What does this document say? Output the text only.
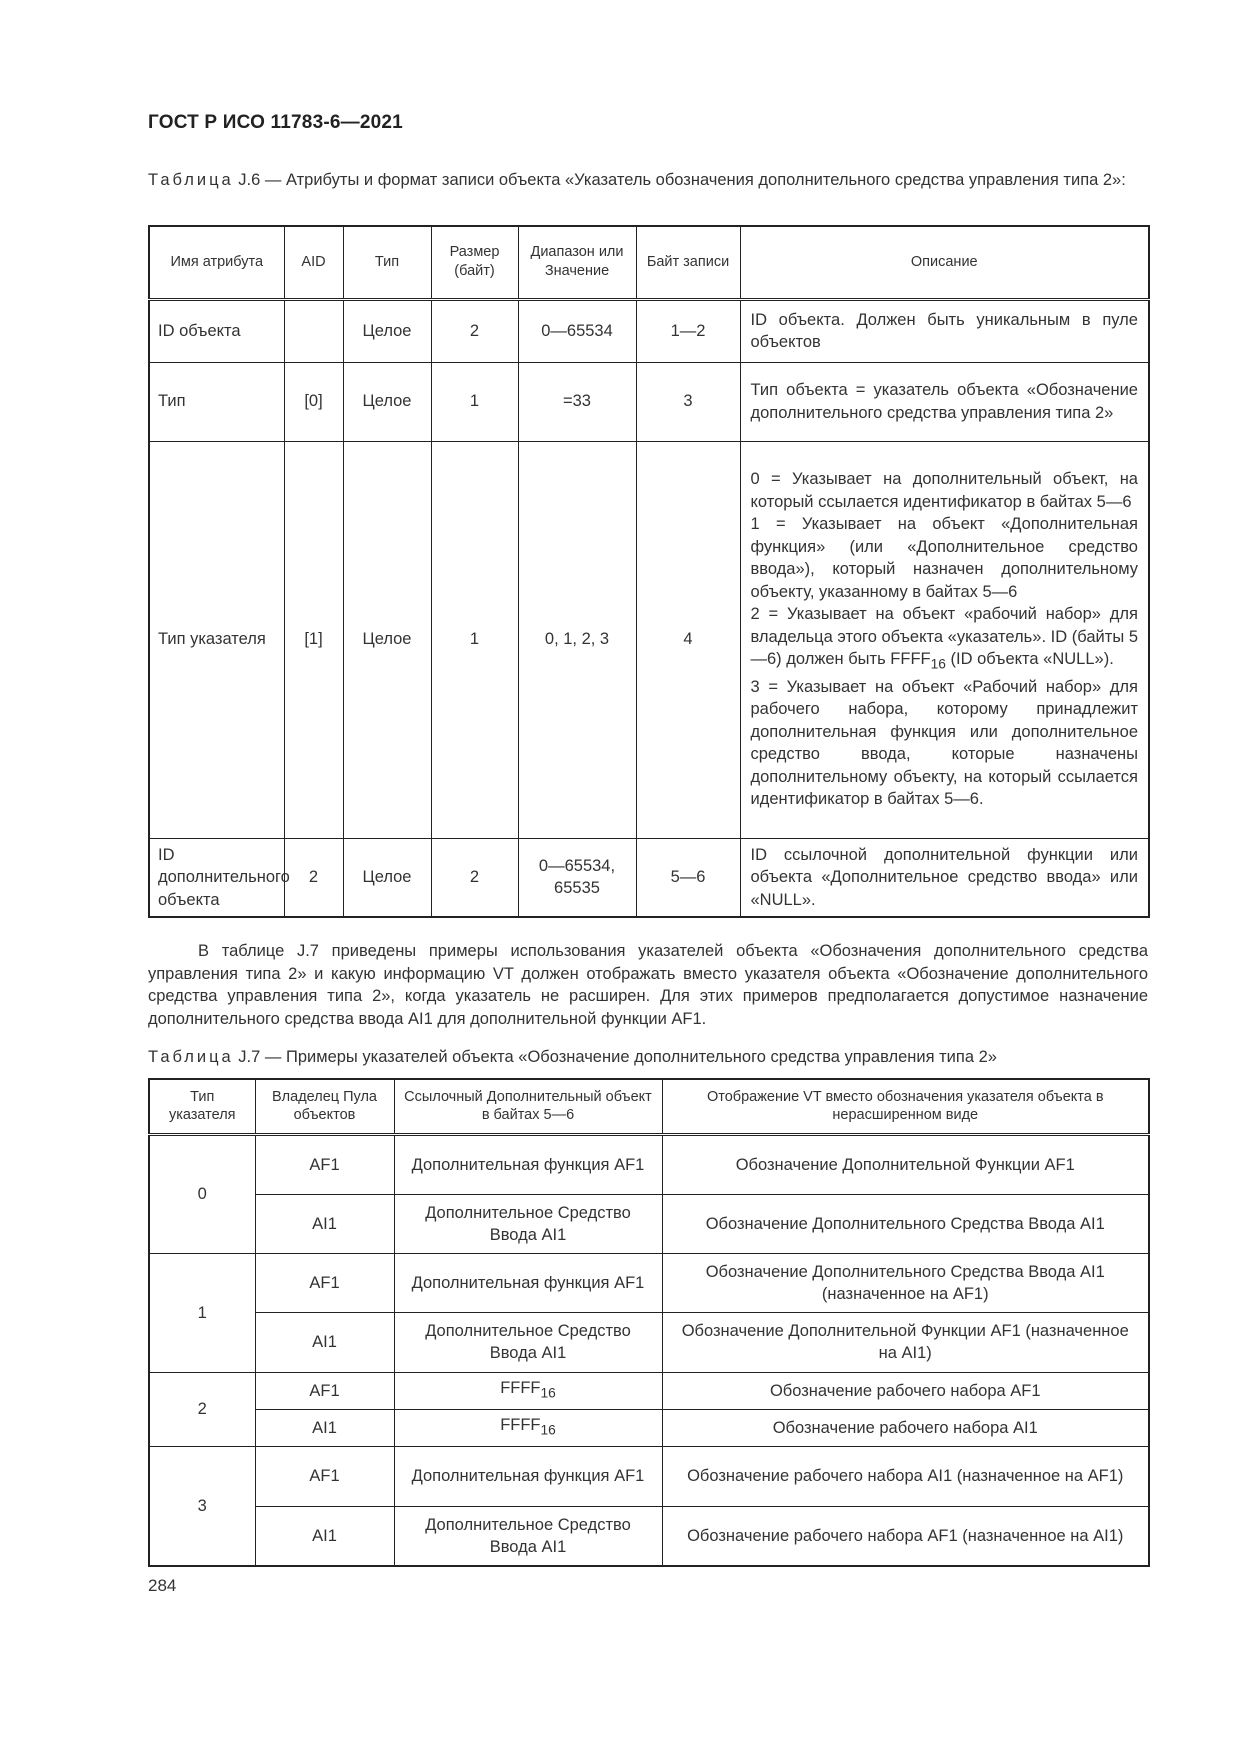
ГОСТ Р ИСО 11783-6—2021
Таблица J.6 — Атрибуты и формат записи объекта «Указатель обозначения дополнительного средства управления типа 2»:
Имя атрибута	AID	Тип	Размер (байт)	Диапазон или Значение	Байт записи	Описание
ID объекта		Целое	2	0—65534	1—2	ID объекта. Должен быть уникальным в пуле объектов
Тип	[0]	Целое	1	=33	3	Тип объекта = указатель объекта «Обозначение дополнительного средства управления типа 2»
Тип указателя	[1]	Целое	1	0, 1, 2, 3	4	0 = Указывает на дополнительный объект, на который ссылается идентификатор в байтах 5—6

1 = Указывает на объект «Дополнительная функция» (или «Дополнительное средство ввода»), который назначен дополнительному объекту, указанному в байтах 5—6

2 = Указывает на объект «рабочий набор» для владельца этого объекта «указатель». ID (байты 5—6) должен быть $FFFF_{16}$ (ID объекта «NULL»).

3 = Указывает на объект «Рабочий набор» для рабочего набора, которому принадлежит дополнительная функция или дополнительное средство ввода, которые назначены дополнительному объекту, на который ссылается идентификатор в байтах 5—6.

ID дополнительного объекта	2	Целое	2	0—65534, 65535	5—6	ID ссылочной дополнительной функции или объекта «Дополнительное средство ввода» или «NULL».
В таблице J.7 приведены примеры использования указателей объекта «Обозначения дополнительного средства управления типа 2» и какую информацию VT должен отображать вместо указателя объекта «Обозначение дополнительного средства управления типа 2», когда указатель не расширен. Для этих примеров предполагается допустимое назначение дополнительного средства ввода AI1 для дополнительной функции AF1.
Таблица J.7 — Примеры указателей объекта «Обозначение дополнительного средства управления типа 2»
Тип указателя	Владелец Пула объектов	Ссылочный Дополнительный объект в байтах 5—6	Отображение VT вместо обозначения указателя объекта в нерасширенном виде
0	AF1	Дополнительная функция AF1	Обозначение Дополнительной Функции AF1
	AI1	Дополнительное Средство Ввода AI1	Обозначение Дополнительного Средства Ввода AI1
1	AF1	Дополнительная функция AF1	Обозначение Дополнительного Средства Ввода AI1 (назначенное на AF1)
	AI1	Дополнительное Средство Ввода AI1	Обозначение Дополнительной Функции AF1 (назначенное на AI1)
2	AF1	$FFFF_{16}$	Обозначение рабочего набора AF1
	AI1	$FFFF_{16}$	Обозначение рабочего набора AI1
3	AF1	Дополнительная функция AF1	Обозначение рабочего набора AI1 (назначенное на AF1)
	AI1	Дополнительное Средство Ввода AI1	Обозначение рабочего набора AF1 (назначенное на AI1)
284
